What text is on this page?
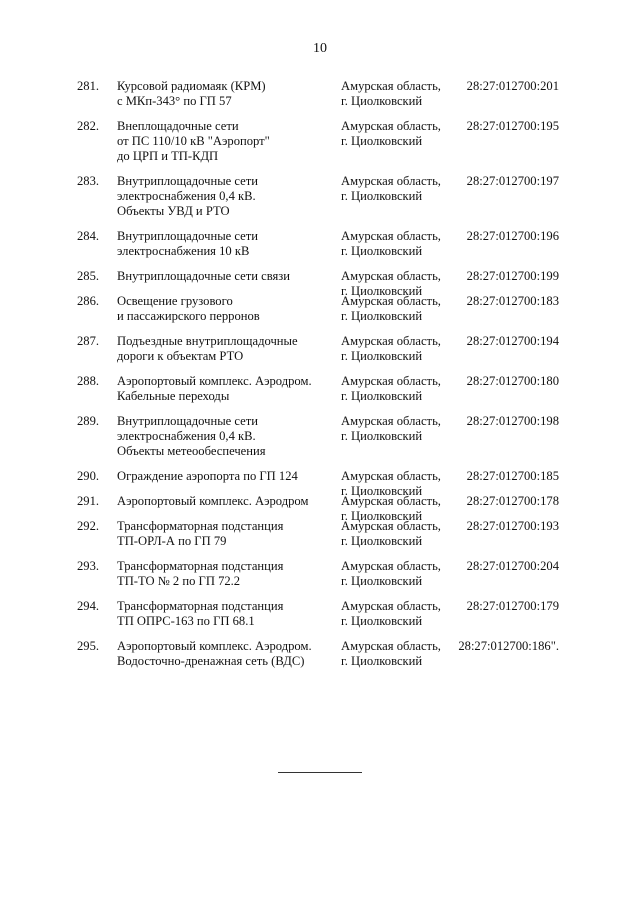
10
281. Курсовой радиомаяк (КРМ)
с МКп-343° по ГП 57
Амурская область,
г. Циолковский
28:27:012700:201
282. Внеплощадочные сети
от ПС 110/10 кВ "Аэропорт"
до ЦРП и ТП-КДП
Амурская область,
г. Циолковский
28:27:012700:195
283. Внутриплощадочные сети
электроснабжения 0,4 кВ.
Объекты УВД и РТО
Амурская область,
г. Циолковский
28:27:012700:197
284. Внутриплощадочные сети
электроснабжения 10 кВ
Амурская область,
г. Циолковский
28:27:012700:196
285. Внутриплощадочные сети связи	Амурская область,
г. Циолковский
28:27:012700:199
286. Освещение грузового
и пассажирского перронов
Амурская область,
г. Циолковский
28:27:012700:183
287. Подъездные внутриплощадочные
дороги к объектам РТО
Амурская область,
г. Циолковский
28:27:012700:194
288. Аэропортовый комплекс. Аэродром.
Кабельные переходы
Амурская область,
г. Циолковский
28:27:012700:180
289. Внутриплощадочные сети
электроснабжения 0,4 кВ.
Объекты метеообеспечения
Амурская область,
г. Циолковский
28:27:012700:198
290. Ограждение аэропорта по ГП 124	Амурская область,
г. Циолковский
28:27:012700:185
291. Аэропортовый комплекс. Аэродром	Амурская область,
г. Циолковский
28:27:012700:178
292. Трансформаторная подстанция
ТП-ОРЛ-А по ГП 79
Амурская область,
г. Циолковский
28:27:012700:193
293. Трансформаторная подстанция
ТП-ТО № 2 по ГП 72.2
Амурская область,
г. Циолковский
28:27:012700:204
294. Трансформаторная подстанция
ТП ОПРС-163 по ГП 68.1
Амурская область,
г. Циолковский
28:27:012700:179
295. Аэропортовый комплекс. Аэродром.
Водосточно-дренажная сеть (ВДС)
Амурская область,
г. Циолковский
28:27:012700:186".
